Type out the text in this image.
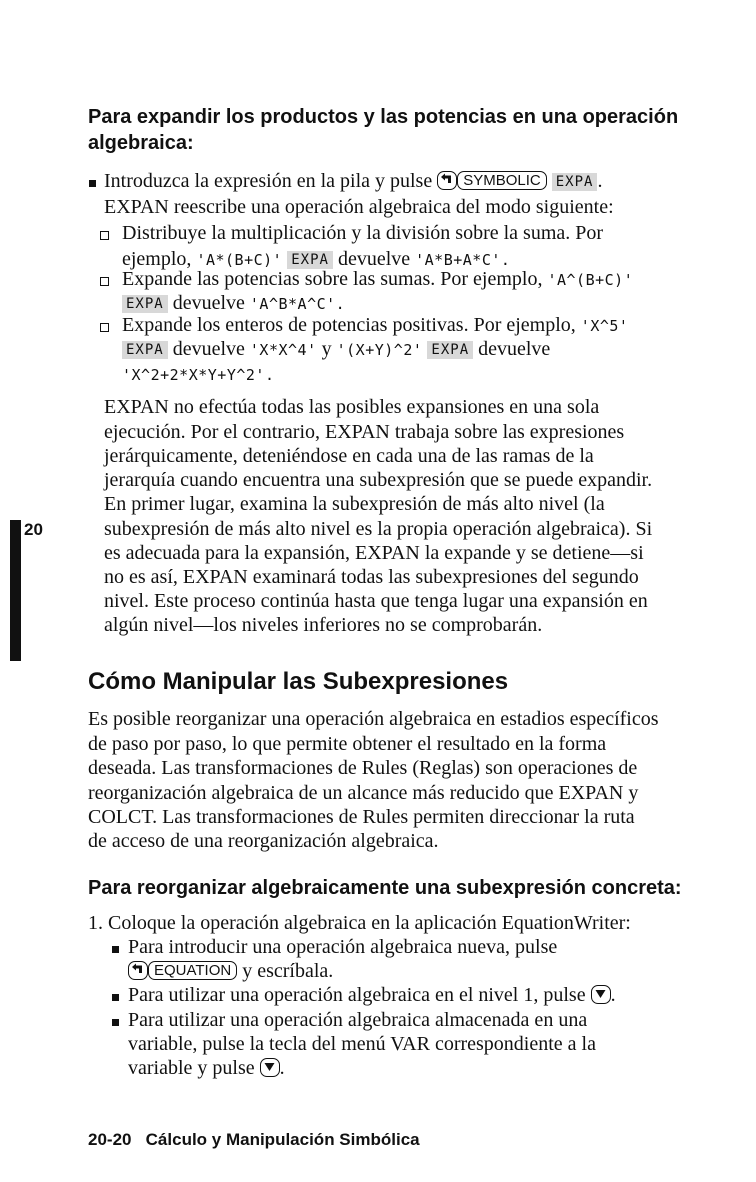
Para expandir los productos y las potencias en una operación
algebraica:
Introduzca la expresión en la pila y pulse SYMBOLIC EXPA .
EXPAN reescribe una operación algebraica del modo siguiente:
Distribuye la multiplicación y la división sobre la suma. Por
ejemplo, 'A*(B+C)' EXPA devuelve 'A*B+A*C'.
Expande las potencias sobre las sumas. Por ejemplo, 'A^(B+C)'
EXPA devuelve 'A^B*A^C'.
Expande los enteros de potencias positivas. Por ejemplo, 'X^5'
EXPA devuelve 'X*X^4' y '(X+Y)^2' EXPA devuelve
'X^2+2*X*Y+Y^2'.
EXPAN no efectúa todas las posibles expansiones en una sola
ejecución. Por el contrario, EXPAN trabaja sobre las expresiones
jerárquicamente, deteniéndose en cada una de las ramas de la
jerarquía cuando encuentra una subexpresión que se puede expandir.
En primer lugar, examina la subexpresión de más alto nivel (la
subexpresión de más alto nivel es la propia operación algebraica). Si
es adecuada para la expansión, EXPAN la expande y se detiene—si
no es así, EXPAN examinará todas las subexpresiones del segundo
nivel. Este proceso continúa hasta que tenga lugar una expansión en
algún nivel—los niveles inferiores no se comprobarán.
20
Cómo Manipular las Subexpresiones
Es posible reorganizar una operación algebraica en estadios específicos
de paso por paso, lo que permite obtener el resultado en la forma
deseada. Las transformaciones de Rules (Reglas) son operaciones de
reorganización algebraica de un alcance más reducido que EXPAN y
COLCT. Las transformaciones de Rules permiten direccionar la ruta
de acceso de una reorganización algebraica.
Para reorganizar algebraicamente una subexpresión concreta:
1. Coloque la operación algebraica en la aplicación EquationWriter:
Para introducir una operación algebraica nueva, pulse
EQUATION y escríbala.
Para utilizar una operación algebraica en el nivel 1, pulse .
Para utilizar una operación algebraica almacenada en una
variable, pulse la tecla del menú VAR correspondiente a la
variable y pulse .
20-20 Cálculo y Manipulación Simbólica
